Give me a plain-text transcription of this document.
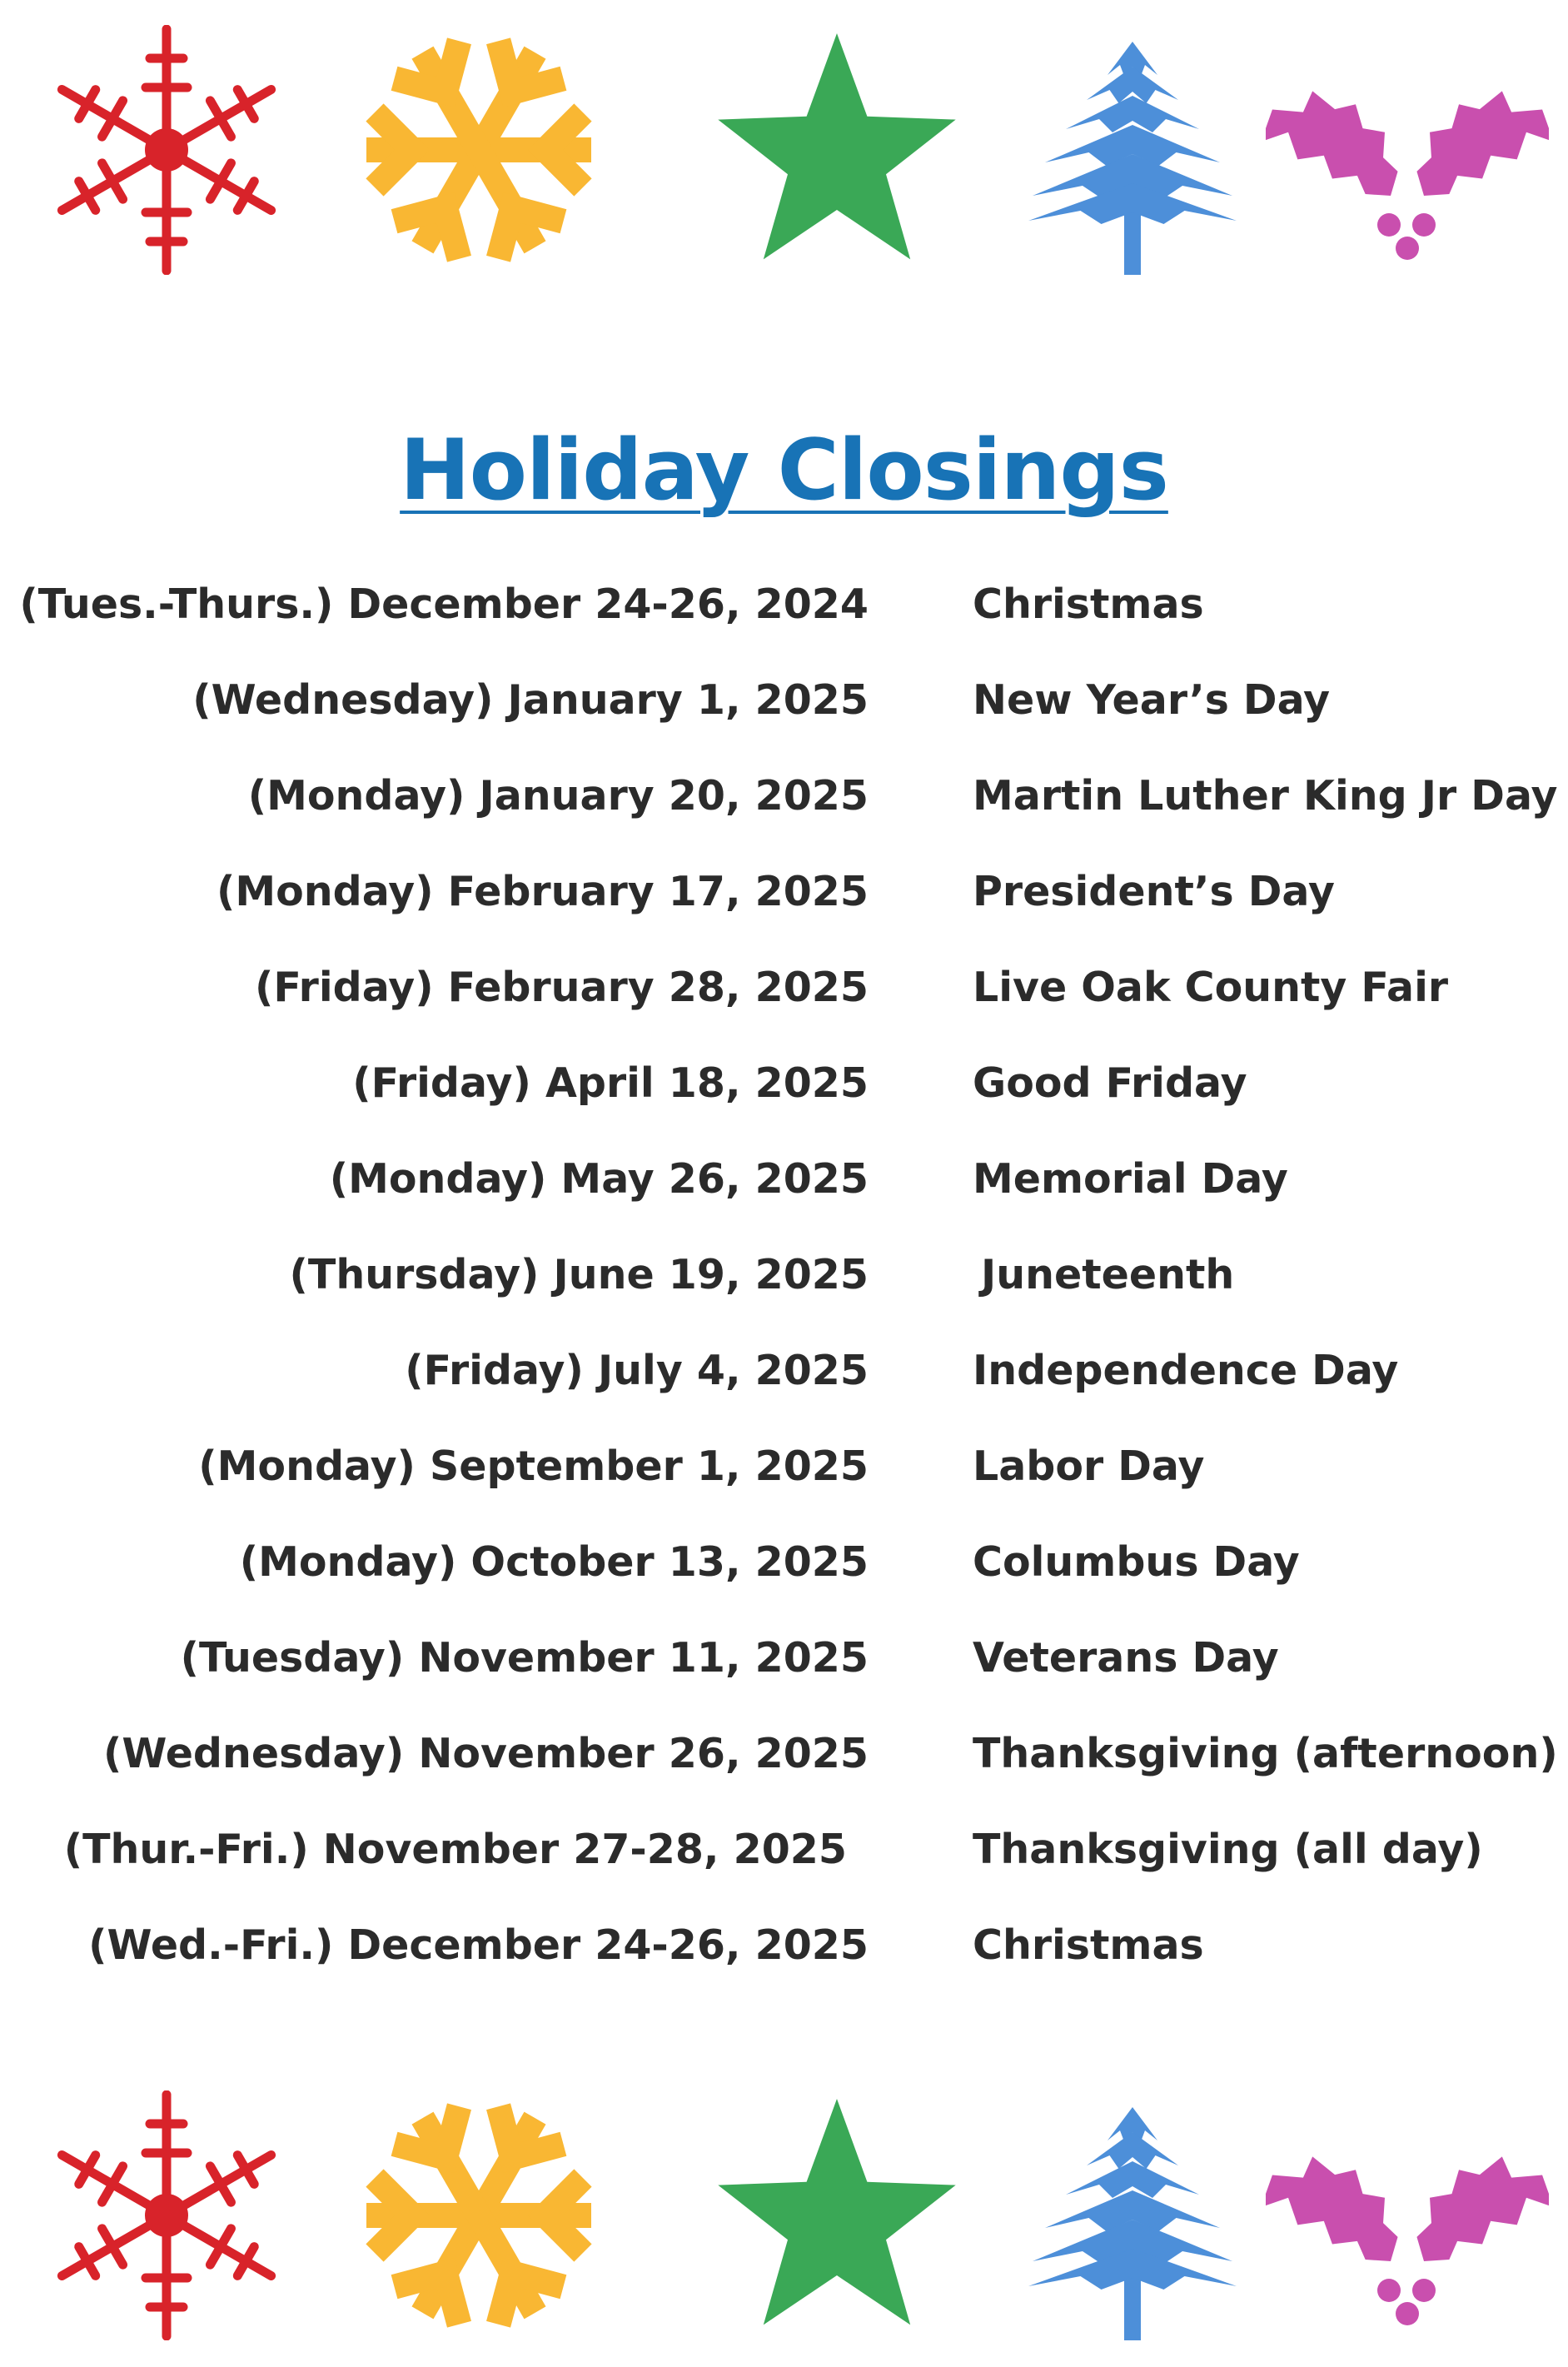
Holiday Closings
(Tues.-Thurs.) December 24-26, 2024	Christmas
(Wednesday) January 1, 2025	New Year’s Day
(Monday) January 20, 2025	Martin Luther King Jr Day
(Monday) February 17, 2025	President’s Day
(Friday) February 28, 2025	Live Oak County Fair
(Friday) April 18, 2025	Good Friday
(Monday) May 26, 2025	Memorial Day
(Thursday) June 19, 2025	Juneteenth
(Friday) July 4, 2025	Independence Day
(Monday) September 1, 2025	Labor Day
(Monday) October 13, 2025	Columbus Day
(Tuesday) November 11, 2025	Veterans Day
(Wednesday) November 26, 2025	Thanksgiving (afternoon)
(Thur.-Fri.) November 27-28, 2025	Thanksgiving (all day)
(Wed.-Fri.) December 24-26, 2025	Christmas
